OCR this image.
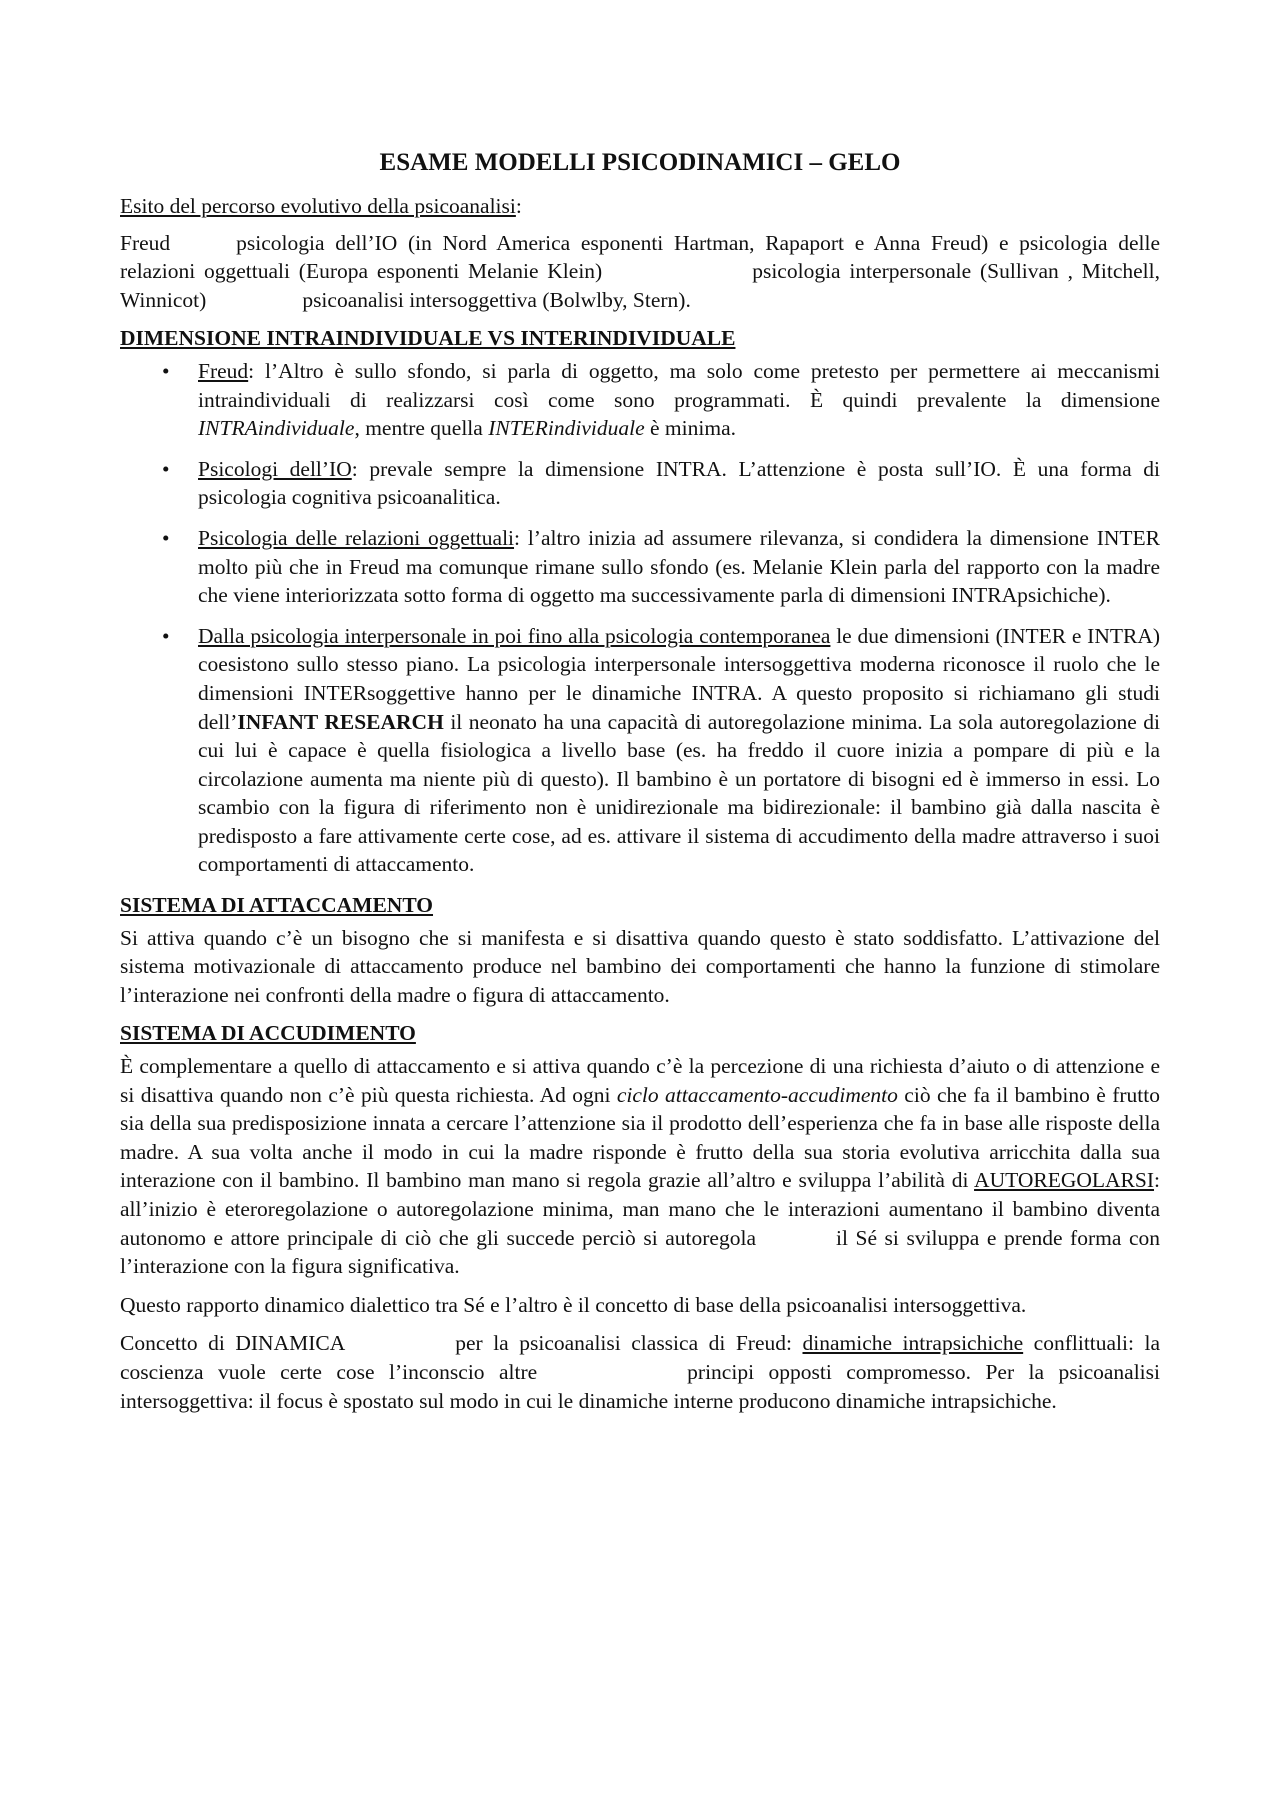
ESAME MODELLI PSICODINAMICI – GELO
Esito del percorso evolutivo della psicoanalisi:

Freud	psicologia dell’IO (in Nord America esponenti Hartman, Rapaport e Anna Freud) e psicologia delle relazioni oggettuali (Europa esponenti Melanie Klein)	psicologia interpersonale (Sullivan , Mitchell, Winnicot)	psicoanalisi intersoggettiva (Bolwlby, Stern).

DIMENSIONE INTRAINDIVIDUALE VS INTERINDIVIDUALE
• Freud: l’Altro è sullo sfondo, si parla di oggetto, ma solo come pretesto per permettere ai meccanismi intraindividuali di realizzarsi così come sono programmati. È quindi prevalente la dimensione INTRAindividuale, mentre quella INTERindividuale è minima.
• Psicologi dell’IO: prevale sempre la dimensione INTRA. L’attenzione è posta sull’IO. È una forma di psicologia cognitiva psicoanalitica.
• Psicologia delle relazioni oggettuali: l’altro inizia ad assumere rilevanza, si condidera la dimensione INTER molto più che in Freud ma comunque rimane sullo sfondo (es. Melanie Klein parla del rapporto con la madre che viene interiorizzata sotto forma di oggetto ma successivamente parla di dimensioni INTRApsichiche).
• Dalla psicologia interpersonale in poi fino alla psicologia contemporanea le due dimensioni (INTER e INTRA) coesistono sullo stesso piano. La psicologia interpersonale intersoggettiva moderna riconosce il ruolo che le dimensioni INTERsoggettive hanno per le dinamiche INTRA. A questo proposito si richiamano gli studi dell’INFANT RESEARCH il neonato ha una capacità di autoregolazione minima. La sola autoregolazione di cui lui è capace è quella fisiologica a livello base (es. ha freddo il cuore inizia a pompare di più e la circolazione aumenta ma niente più di questo). Il bambino è un portatore di bisogni ed è immerso in essi. Lo scambio con la figura di riferimento non è unidirezionale ma bidirezionale: il bambino già dalla nascita è predisposto a fare attivamente certe cose, ad es. attivare il sistema di accudimento della madre attraverso i suoi comportamenti di attaccamento.
SISTEMA DI ATTACCAMENTO

Si attiva quando c’è un bisogno che si manifesta e si disattiva quando questo è stato soddisfatto. L’attivazione del sistema motivazionale di attaccamento produce nel bambino dei comportamenti che hanno la funzione di stimolare l’interazione nei confronti della madre o figura di attaccamento.

SISTEMA DI ACCUDIMENTO

È complementare a quello di attaccamento e si attiva quando c’è la percezione di una richiesta d’aiuto o di attenzione e si disattiva quando non c’è più questa richiesta. Ad ogni ciclo attaccamento-accudimento ciò che fa il bambino è frutto sia della sua predisposizione innata a cercare l’attenzione sia il prodotto dell’esperienza che fa in base alle risposte della madre. A sua volta anche il modo in cui la madre risponde è frutto della sua storia evolutiva arricchita dalla sua interazione con il bambino. Il bambino man mano si regola grazie all’altro e sviluppa l’abilità di AUTOREGOLARSI: all’inizio è eteroregolazione o autoregolazione minima, man mano che le interazioni aumentano il bambino diventa autonomo e attore principale di ciò che gli succede perciò si autoregola	il Sé si sviluppa e prende forma con l’interazione con la figura significativa.

Questo rapporto dinamico dialettico tra Sé e l’altro è il concetto di base della psicoanalisi intersoggettiva.

Concetto di DINAMICA	per la psicoanalisi classica di Freud: dinamiche intrapsichiche conflittuali: la coscienza vuole certe cose l’inconscio altre	principi opposti compromesso. Per la psicoanalisi intersoggettiva: il focus è spostato sul modo in cui le dinamiche interne producono dinamiche intrapsichiche.
